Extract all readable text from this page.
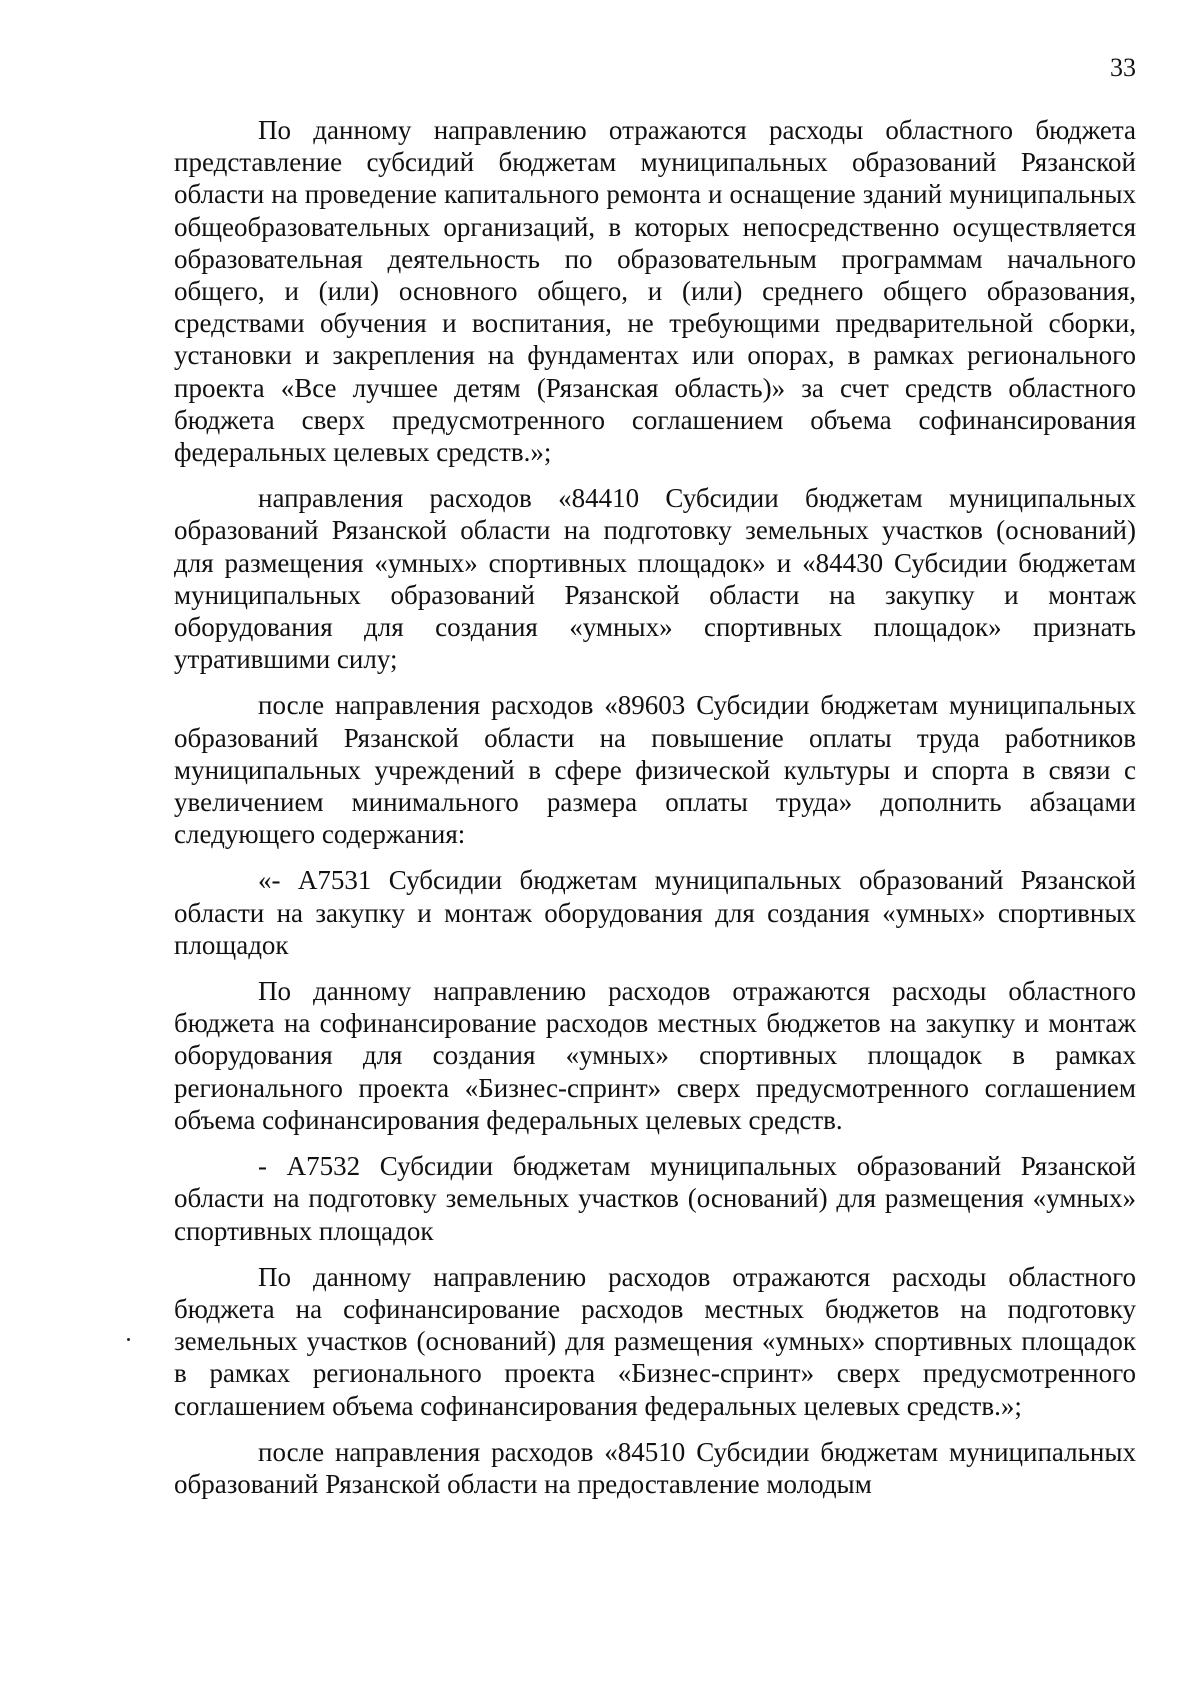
33

По данному направлению отражаются расходы областного бюджета представление субсидий бюджетам муниципальных образований Рязанской области на проведение капитального ремонта и оснащение зданий муниципальных общеобразовательных организаций, в которых непосредственно осуществляется образовательная деятельность по образовательным программам начального общего, и (или) основного общего, и (или) среднего общего образования, средствами обучения и воспитания, не требующими предварительной сборки, установки и закрепления на фундаментах или опорах, в рамках регионального проекта «Все лучшее детям (Рязанская область)» за счет средств областного бюджета сверх предусмотренного соглашением объема софинансирования федеральных целевых средств.»;

направления расходов «84410 Субсидии бюджетам муниципальных образований Рязанской области на подготовку земельных участков (оснований) для размещения «умных» спортивных площадок» и «84430 Субсидии бюджетам муниципальных образований Рязанской области на закупку и монтаж оборудования для создания «умных» спортивных площадок» признать утратившими силу;

после направления расходов «89603 Субсидии бюджетам муниципальных образований Рязанской области на повышение оплаты труда работников муниципальных учреждений в сфере физической культуры и спорта в связи с увеличением минимального размера оплаты труда» дополнить абзацами следующего содержания:

«- А7531 Субсидии бюджетам муниципальных образований Рязанской области на закупку и монтаж оборудования для создания «умных» спортивных площадок

По данному направлению расходов отражаются расходы областного бюджета на софинансирование расходов местных бюджетов на закупку и монтаж оборудования для создания «умных» спортивных площадок в рамках регионального проекта «Бизнес-спринт» сверх предусмотренного соглашением объема софинансирования федеральных целевых средств.

- А7532 Субсидии бюджетам муниципальных образований Рязанской области на подготовку земельных участков (оснований) для размещения «умных» спортивных площадок

По данному направлению расходов отражаются расходы областного бюджета на софинансирование расходов местных бюджетов на подготовку земельных участков (оснований) для размещения «умных» спортивных площадок в рамках регионального проекта «Бизнес-спринт» сверх предусмотренного соглашением объема софинансирования федеральных целевых средств.»;

после направления расходов «84510 Субсидии бюджетам муниципальных образований Рязанской области на предоставление молодым
